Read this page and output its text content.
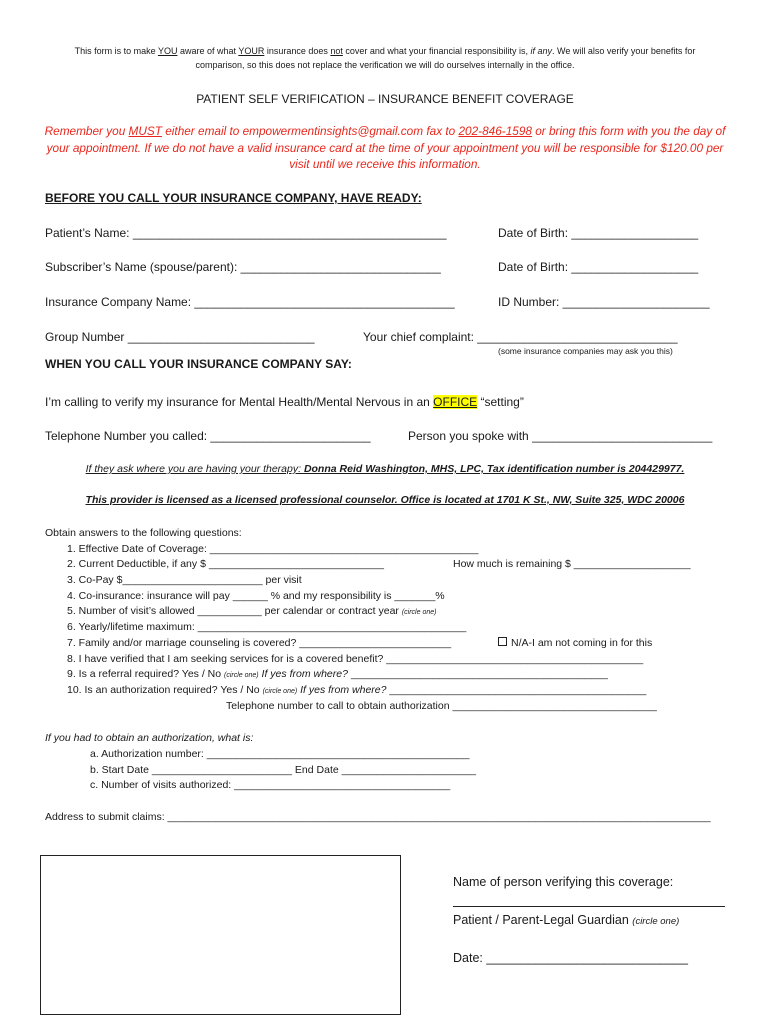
This form is to make YOU aware of what YOUR insurance does not cover and what your financial responsibility is, if any. We will also verify your benefits for
comparison, so this does not replace the verification we will do ourselves internally in the office.
PATIENT SELF VERIFICATION – INSURANCE BENEFIT COVERAGE
Remember you MUST either email to empowermentinsights@gmail.com fax to 202-846-1598 or bring this form with you the day of
your appointment. If we do not have a valid insurance card at the time of your appointment you will be responsible for $120.00 per
visit until we receive this information.
BEFORE YOU CALL YOUR INSURANCE COMPANY, HAVE READY:
Patient’s Name: _______________________________________________	Date of Birth: ___________________
Subscriber’s Name (spouse/parent): ______________________________	Date of Birth: ___________________
Insurance Company Name: _______________________________________	ID Number: ______________________
Group Number ____________________________	Your chief complaint: ______________________________
(some insurance companies may ask you this)
WHEN YOU CALL YOUR INSURANCE COMPANY SAY:
I’m calling to verify my insurance for Mental Health/Mental Nervous in an OFFICE “setting”
Telephone Number you called: ________________________	Person you spoke with ___________________________
If they ask where you are having your therapy: Donna Reid Washington, MHS, LPC, Tax identification number is 204429977.
This provider is licensed as a licensed professional counselor. Office is located at 1701 K St., NW, Suite 325, WDC 20006
Obtain answers to the following questions:
1. Effective Date of Coverage: ______________________________________________
2. Current Deductible, if any $ ______________________________	How much is remaining $ ____________________
3. Co-Pay $________________________ per visit
4. Co-insurance: insurance will pay ______ % and my responsibility is _______%
5. Number of visit’s allowed ___________ per calendar or contract year (circle one)
6. Yearly/lifetime maximum: ______________________________________________
7. Family and/or marriage counseling is covered? __________________________	N/A-I am not coming in for this
8. I have verified that I am seeking services for is a covered benefit? ____________________________________________
9. Is a referral required? Yes / No (circle one) If yes from where? ____________________________________________
10. Is an authorization required? Yes / No (circle one) If yes from where? ____________________________________________
Telephone number to call to obtain authorization ___________________________________
If you had to obtain an authorization, what is:
a. Authorization number: _____________________________________________
b. Start Date ________________________ End Date _______________________
c. Number of visits authorized: _____________________________________
Address to submit claims: _____________________________________________________________________________________________
Name of person verifying this coverage:
Patient / Parent-Legal Guardian (circle one)
Date: _____________________________
